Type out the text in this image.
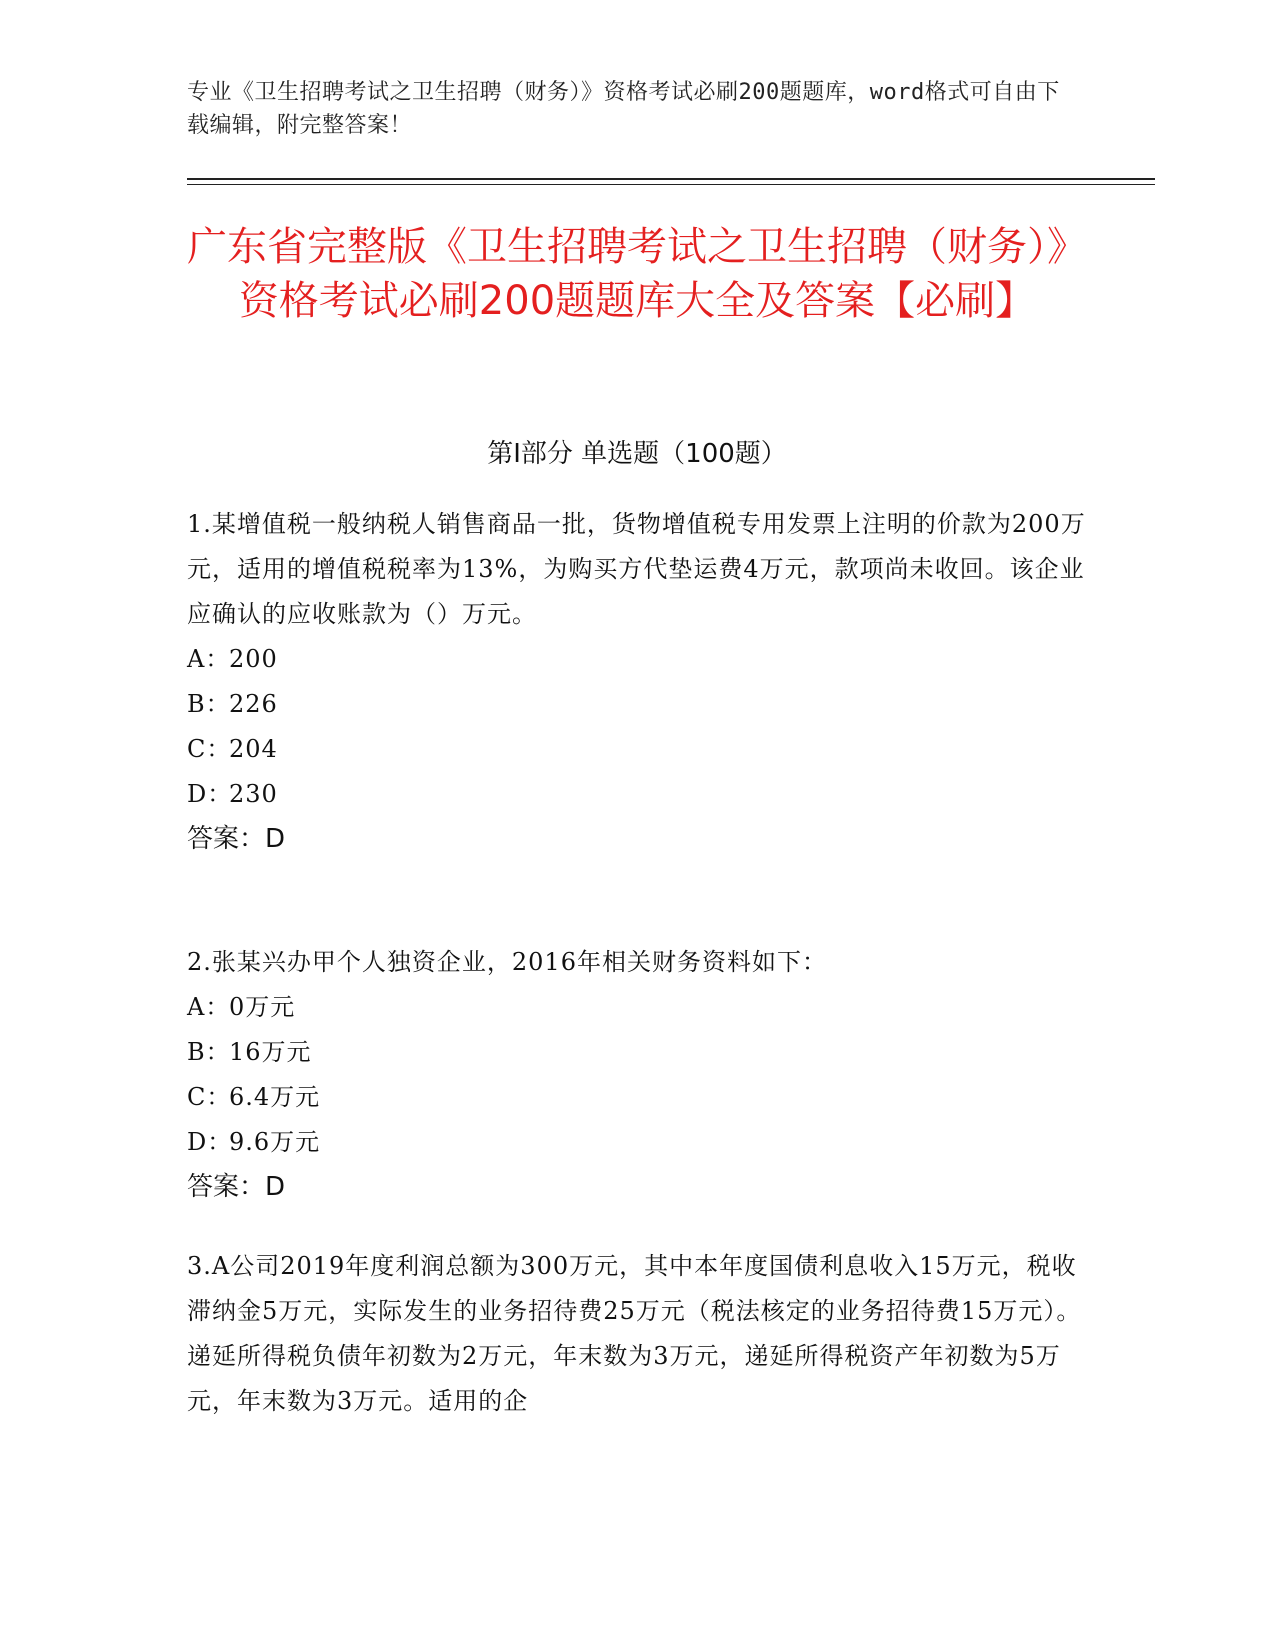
专业《卫生招聘考试之卫生招聘（财务）》资格考试必刷200题题库，word格式可自由下载编辑，附完整答案！
广东省完整版《卫生招聘考试之卫生招聘（财务）》资格考试必刷200题题库大全及答案【必刷】
第Ⅰ部分 单选题（100题）

1.某增值税一般纳税人销售商品一批，货物增值税专用发票上注明的价款为200万元，适用的增值税税率为13%，为购买方代垫运费4万元，款项尚未收回。该企业应确认的应收账款为（）万元。

A：200

B：226

C：204

D：230

答案：D

2.张某兴办甲个人独资企业，2016年相关财务资料如下：

A：0万元

B：16万元

C：6.4万元

D：9.6万元

答案：D

3.A公司2019年度利润总额为300万元，其中本年度国债利息收入15万元，税收滞纳金5万元，实际发生的业务招待费25万元（税法核定的业务招待费15万元）。递延所得税负债年初数为2万元，年末数为3万元，递延所得税资产年初数为5万元，年末数为3万元。适用的企
